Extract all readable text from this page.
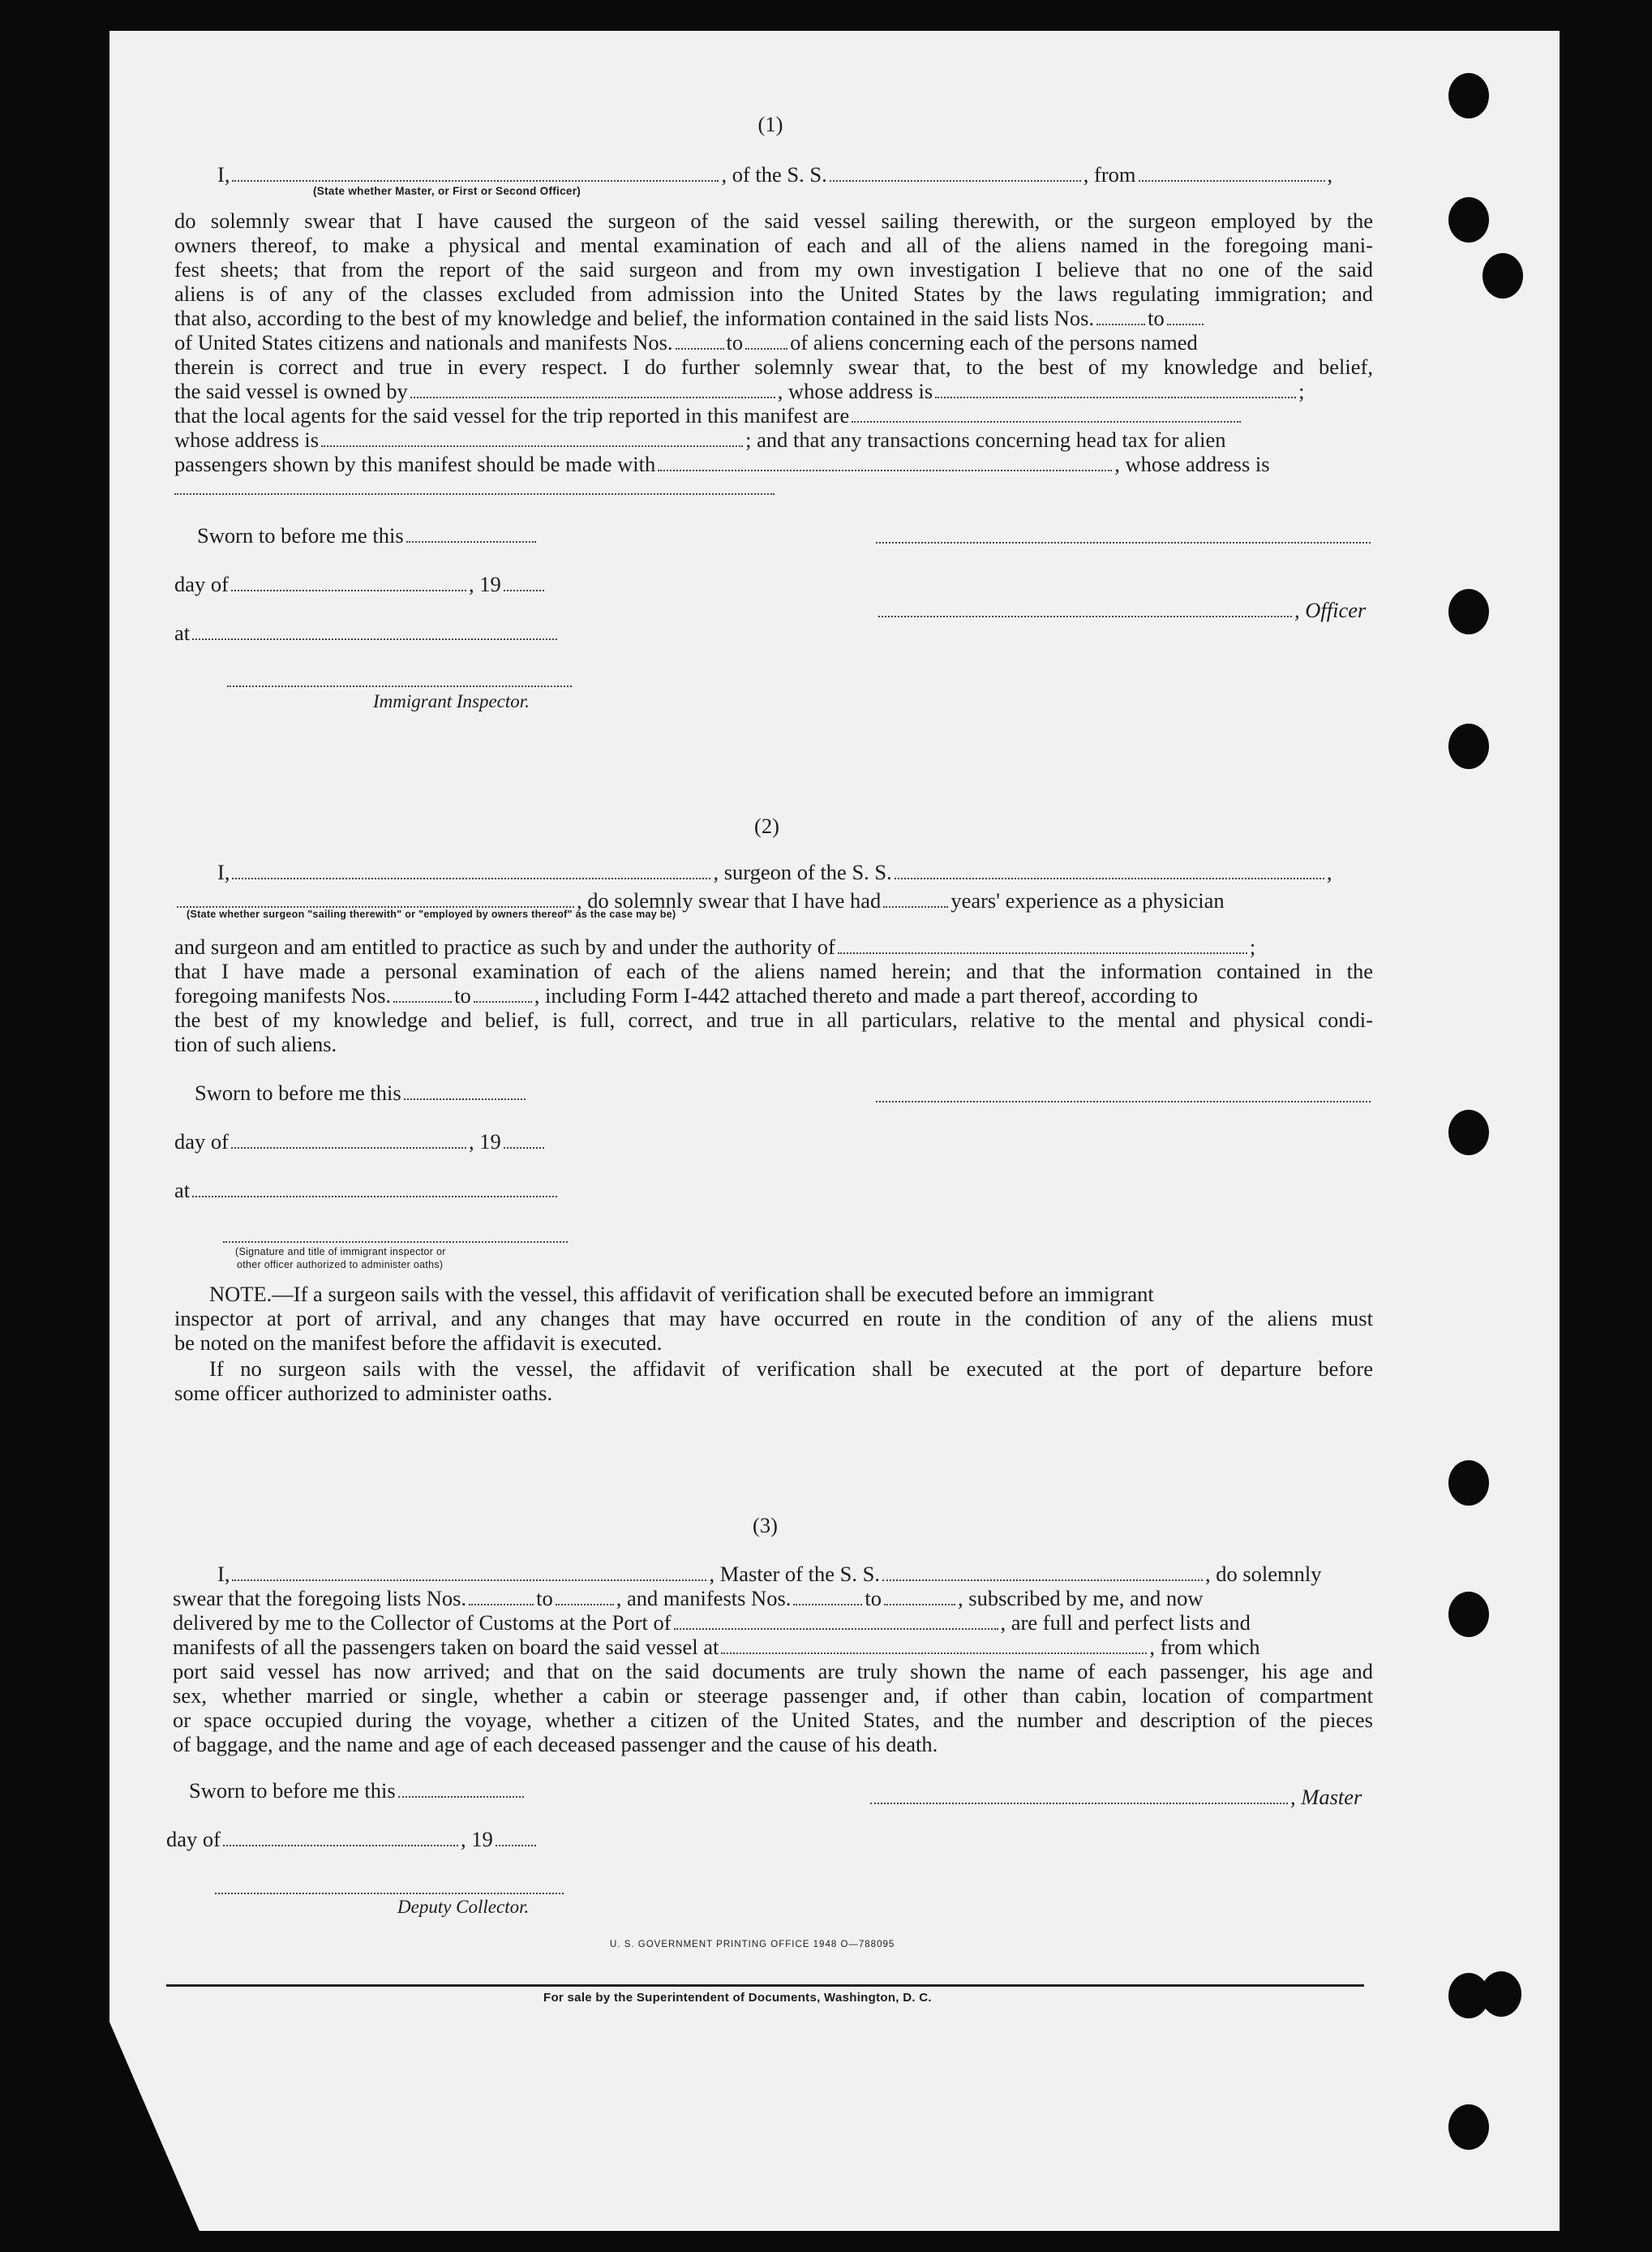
(1)
I,	, of the S. S.	, from	,
(State whether Master, or First or Second Officer)
do solemnly swear that I have caused the surgeon of the said vessel sailing therewith, or the surgeon employed by the
owners thereof, to make a physical and mental examination of each and all of the aliens named in the foregoing mani-
fest sheets; that from the report of the said surgeon and from my own investigation I believe that no one of the said
aliens is of any of the classes excluded from admission into the United States by the laws regulating immigration; and
that also, according to the best of my knowledge and belief, the information contained in the said lists Nos. to
of United States citizens and nationals and manifests Nos. to of aliens concerning each of the persons named
therein is correct and true in every respect. I do further solemnly swear that, to the best of my knowledge and belief,
the said vessel is owned by	, whose address is	;
that the local agents for the said vessel for the trip reported in this manifest are
whose address is	; and that any transactions concerning head tax for alien
passengers shown by this manifest should be made with	, whose address is
Sworn to before me this
day of	, 19
at
Immigrant Inspector.
, Officer
(2)
I,	, surgeon of the S. S.	,
, do solemnly swear that I have had	years' experience as a physician
(State whether surgeon "sailing therewith" or "employed by owners thereof" as the case may be)
and surgeon and am entitled to practice as such by and under the authority of	;
that I have made a personal examination of each of the aliens named herein; and that the information contained in the
foregoing manifests Nos.	to	, including Form I-442 attached thereto and made a part thereof, according to
the best of my knowledge and belief, is full, correct, and true in all particulars, relative to the mental and physical condi-
tion of such aliens.
Sworn to before me this
day of	, 19
at
(Signature and title of immigrant inspector or
other officer authorized to administer oaths)
NOTE.—If a surgeon sails with the vessel, this affidavit of verification shall be executed before an immigrant
inspector at port of arrival, and any changes that may have occurred en route in the condition of any of the aliens must
be noted on the manifest before the affidavit is executed.
If no surgeon sails with the vessel, the affidavit of verification shall be executed at the port of departure before
some officer authorized to administer oaths.
(3)
I,	, Master of the S. S.	, do solemnly
swear that the foregoing lists Nos.	to	, and manifests Nos.	to	, subscribed by me, and now
delivered by me to the Collector of Customs at the Port of	, are full and perfect lists and
manifests of all the passengers taken on board the said vessel at	, from which
port said vessel has now arrived; and that on the said documents are truly shown the name of each passenger, his age and
sex, whether married or single, whether a cabin or steerage passenger and, if other than cabin, location of compartment
or space occupied during the voyage, whether a citizen of the United States, and the number and description of the pieces
of baggage, and the name and age of each deceased passenger and the cause of his death.
Sworn to before me this	, Master
day of	, 19
Deputy Collector.
U. S. GOVERNMENT PRINTING OFFICE 1948 O—788095
For sale by the Superintendent of Documents, Washington, D. C.
